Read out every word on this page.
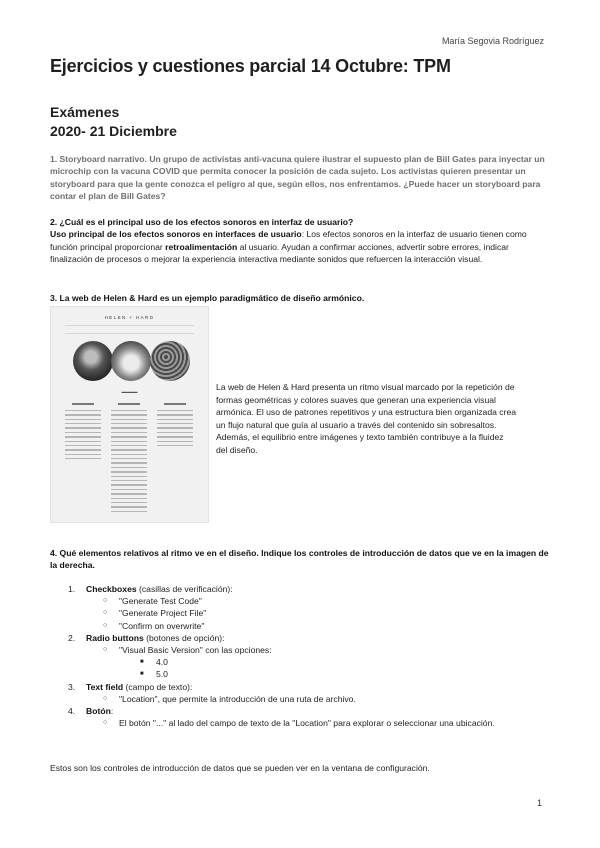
María Segovia Rodríguez
Ejercicios y cuestiones parcial 14 Octubre: TPM
Exámenes
2020- 21 Diciembre
1. Storyboard narrativo. Un grupo de activistas anti-vacuna quiere ilustrar el supuesto plan de Bill Gates para inyectar un microchip con la vacuna COVID que permita conocer la posición de cada sujeto. Los activistas quieren presentar un storyboard para que la gente conozca el peligro al que, según ellos, nos enfrentamos. ¿Puede hacer un storyboard para contar el plan de Bill Gates?
2. ¿Cuál es el principal uso de los efectos sonoros en interfaz de usuario?
Uso principal de los efectos sonoros en interfaces de usuario: Los efectos sonoros en la interfaz de usuario tienen como función principal proporcionar retroalimentación al usuario. Ayudan a confirmar acciones, advertir sobre errores, indicar finalización de procesos o mejorar la experiencia interactiva mediante sonidos que refuercen la interacción visual.
3. La web de Helen & Hard es un ejemplo paradigmático de diseño armónico.
HELEN + HARD
▬▬▬▬	La web de Helen & Hard presenta un ritmo visual marcado por la repetición de formas geométricas y colores suaves que generan una experiencia visual armónica. El uso de patrones repetitivos y una estructura bien organizada crea un flujo natural que guía al usuario a través del contenido sin sobresaltos. Además, el equilibrio entre imágenes y texto también contribuye a la fluidez del diseño.
4. Qué elementos relativos al ritmo ve en el diseño. Indique los controles de introducción de datos que ve en la imagen de la derecha.
1. Checkboxes (casillas de verificación):
○ "Generate Test Code"
○ "Generate Project File"
○ "Confirm on overwrite"
2. Radio buttons (botones de opción):
○ "Visual Basic Version" con las opciones:
■ 4.0
■ 5.0
3. Text field (campo de texto):
○ "Location", que permite la introducción de una ruta de archivo.
4. Botón:
○ El botón "..." al lado del campo de texto de la "Location" para explorar o seleccionar una ubicación.
Estos son los controles de introducción de datos que se pueden ver en la ventana de configuración.
1
